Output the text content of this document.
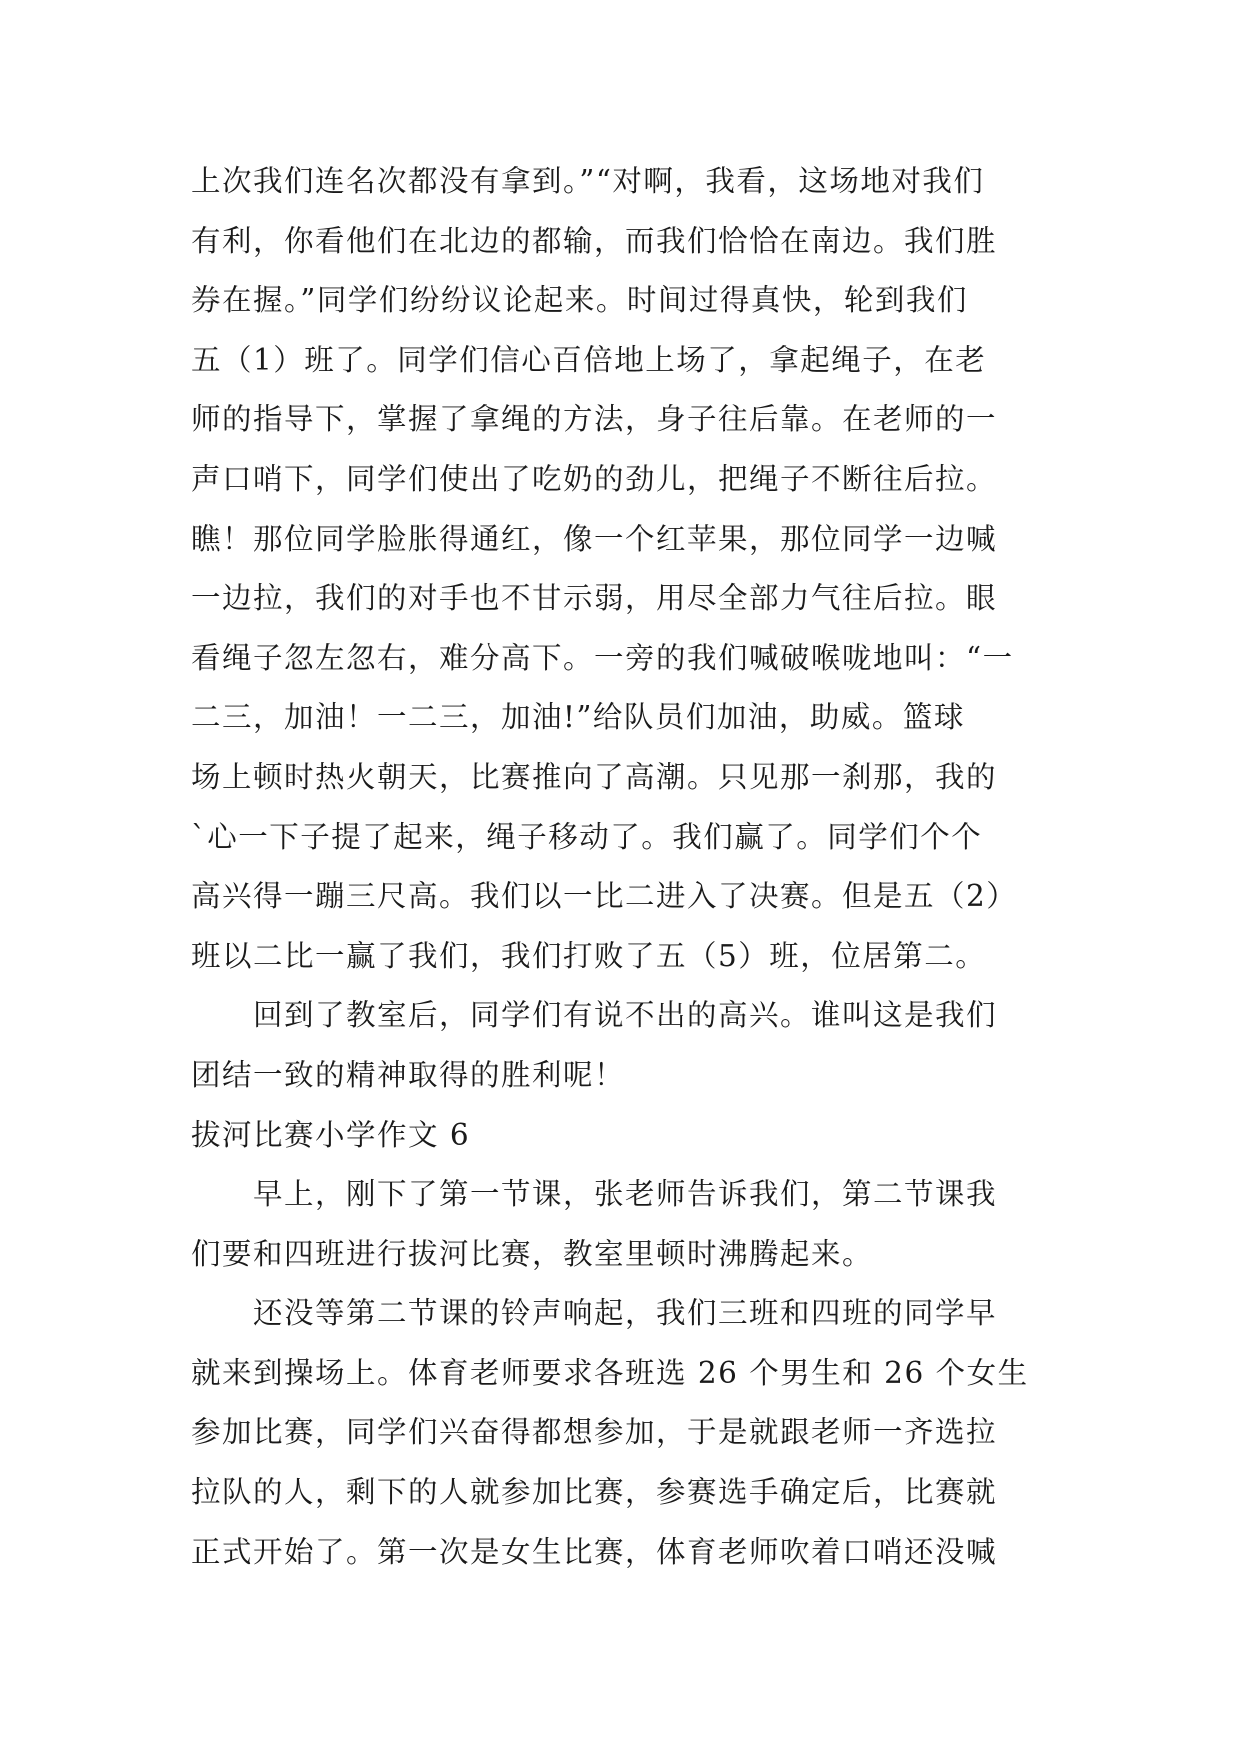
上次我们连名次都没有拿到。”“对啊，我看，这场地对我们
有利，你看他们在北边的都输，而我们恰恰在南边。我们胜
券在握。”同学们纷纷议论起来。时间过得真快，轮到我们
五（1）班了。同学们信心百倍地上场了，拿起绳子，在老
师的指导下，掌握了拿绳的方法，身子往后靠。在老师的一
声口哨下，同学们使出了吃奶的劲儿，把绳子不断往后拉。
瞧！那位同学脸胀得通红，像一个红苹果，那位同学一边喊
一边拉，我们的对手也不甘示弱，用尽全部力气往后拉。眼
看绳子忽左忽右，难分高下。一旁的我们喊破喉咙地叫：“一
二三，加油！一二三，加油!”给队员们加油，助威。篮球
场上顿时热火朝天，比赛推向了高潮。只见那一刹那，我的
`心一下子提了起来，绳子移动了。我们赢了。同学们个个
高兴得一蹦三尺高。我们以一比二进入了决赛。但是五（2）
班以二比一赢了我们，我们打败了五（5）班，位居第二。
回到了教室后，同学们有说不出的高兴。谁叫这是我们
团结一致的精神取得的胜利呢！
拔河比赛小学作文 6
早上，刚下了第一节课，张老师告诉我们，第二节课我
们要和四班进行拔河比赛，教室里顿时沸腾起来。
还没等第二节课的铃声响起，我们三班和四班的同学早
就来到操场上。体育老师要求各班选 26 个男生和 26 个女生
参加比赛，同学们兴奋得都想参加，于是就跟老师一齐选拉
拉队的人，剩下的人就参加比赛，参赛选手确定后，比赛就
正式开始了。第一次是女生比赛，体育老师吹着口哨还没喊
